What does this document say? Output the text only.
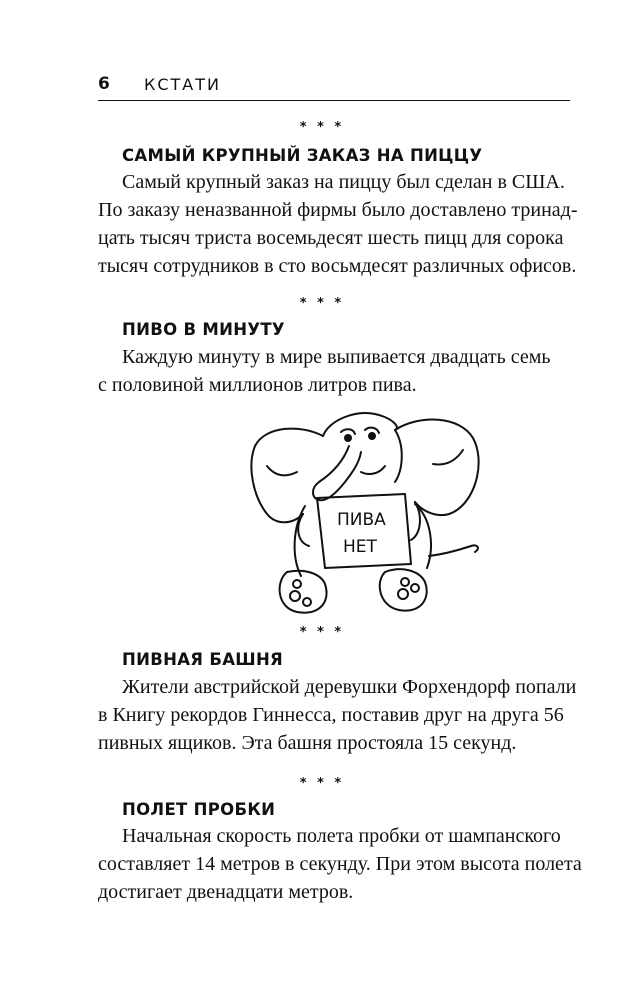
6 КСТАТИ
* * *
САМЫЙ КРУПНЫЙ ЗАКАЗ НА ПИЦЦУ
Самый крупный заказ на пиццу был сделан в США.
По заказу неназванной фирмы было доставлено тринад-
цать тысяч триста восемьдесят шесть пицц для сорока
тысяч сотрудников в сто восьмдесят различных офисов.
* * *
ПИВО В МИНУТУ
Каждую минуту в мире выпивается двадцать семь
с половиной миллионов литров пива.
ПИВА
НЕТ
* * *
ПИВНАЯ БАШНЯ
Жители австрийской деревушки Форхендорф попали
в Книгу рекордов Гиннесса, поставив друг на друга 56
пивных ящиков. Эта башня простояла 15 секунд.
* * *
ПОЛЕТ ПРОБКИ
Начальная скорость полета пробки от шампанского
составляет 14 метров в секунду. При этом высота полета
достигает двенадцати метров.
